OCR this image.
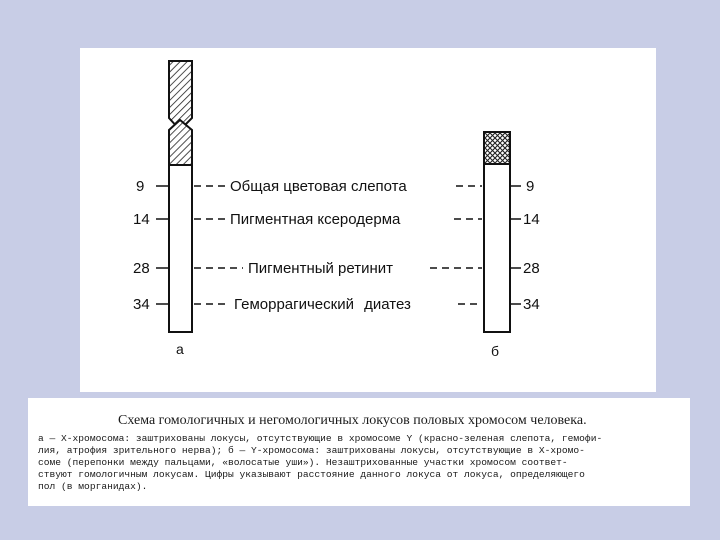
9
14
28
34
9
14
28
34
Общая цветовая слепота
Пигментная ксеродерма
Пигментный ретинит
Геморрагический диатез
а	б
Схема гомологичных и негомологичных локусов половых хромосом человека.
а — Х-хромосома: заштрихованы локусы, отсутствующие в хромосоме Y (красно-зеленая слепота, гемофи-
лия, атрофия зрительного нерва); б — Y-хромосома: заштрихованы локусы, отсутствующие в X-хромо-
соме (перепонки между пальцами, «волосатые уши»). Незаштрихованные участки хромосом соответ-
ствуют гомологичным локусам. Цифры указывают расстояние данного локуса от локуса, определяющего
пол (в морганидах).
